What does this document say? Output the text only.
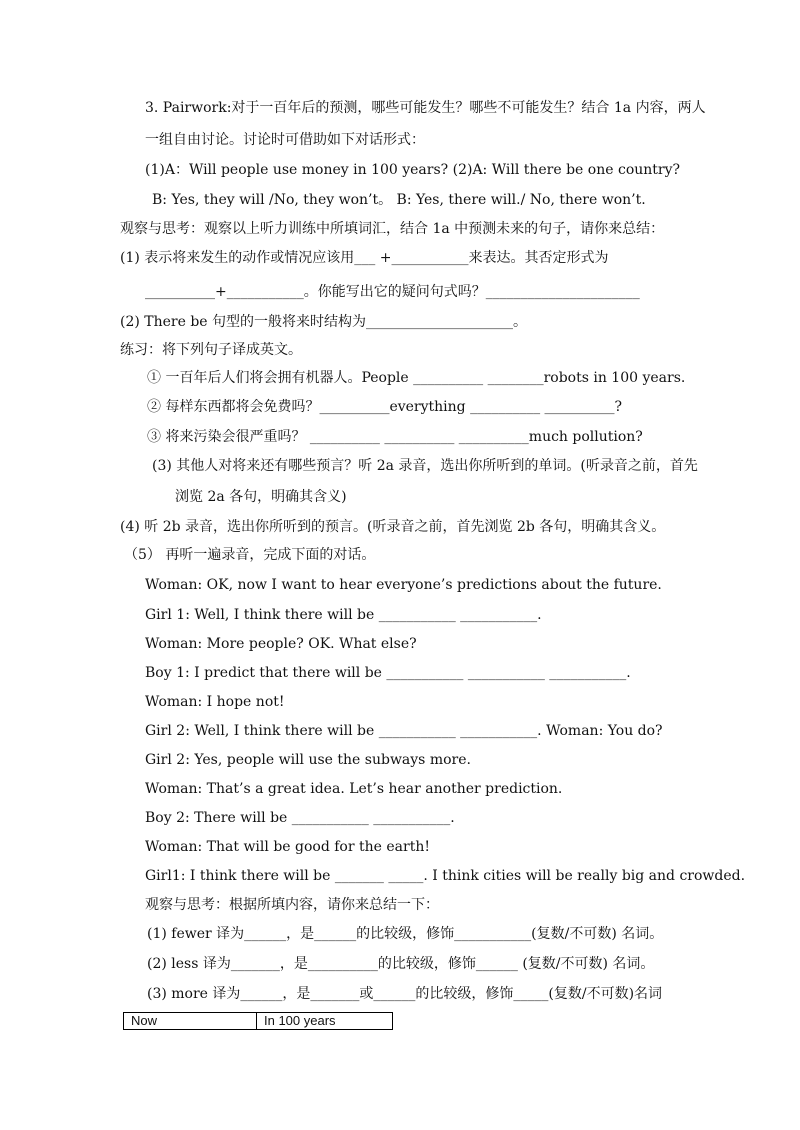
3. Pairwork:对于一百年后的预测，哪些可能发生？哪些不可能发生？结合 1a 内容，两人
一组自由讨论。讨论时可借助如下对话形式：
(1)A：Will people use money in 100 years? (2)A: Will there be one country?
B: Yes, they will /No, they won’t。 B: Yes, there will./ No, there won’t.
观察与思考：观察以上听力训练中所填词汇，结合 1a 中预测未来的句子，请你来总结：
(1) 表示将来发生的动作或情况应该用___ +___________来表达。其否定形式为
__________+___________。你能写出它的疑问句式吗？______________________
(2) There be 句型的一般将来时结构为_____________________。
练习：将下列句子译成英文。
① 一百年后人们将会拥有机器人。People __________ ________robots in 100 years.
② 每样东西都将会免费吗？__________everything __________ __________?
③ 将来污染会很严重吗？ __________ __________ __________much pollution?
(3) 其他人对将来还有哪些预言？听 2a 录音，选出你所听到的单词。(听录音之前，首先
浏览 2a 各句，明确其含义)
(4) 听 2b 录音，选出你所听到的预言。(听录音之前，首先浏览 2b 各句，明确其含义。
（5） 再听一遍录音，完成下面的对话。
Woman: OK, now I want to hear everyone’s predictions about the future.
Girl 1: Well, I think there will be ___________ ___________.
Woman: More people? OK. What else?
Boy 1: I predict that there will be ___________ ___________ ___________.
Woman: I hope not!
Girl 2: Well, I think there will be ___________ ___________. Woman: You do?
Girl 2: Yes, people will use the subways more.
Woman: That’s a great idea. Let’s hear another prediction.
Boy 2: There will be ___________ ___________.
Woman: That will be good for the earth!
Girl1: I think there will be _______ _____. I think cities will be really big and crowded.
观察与思考：根据所填内容，请你来总结一下：
(1) fewer 译为______，是______的比较级，修饰___________(复数/不可数) 名词。
(2) less 译为_______，是__________的比较级，修饰______ (复数/不可数) 名词。
(3) more 译为______，是_______或______的比较级，修饰_____(复数/不可数)名词
Now	In 100 years
